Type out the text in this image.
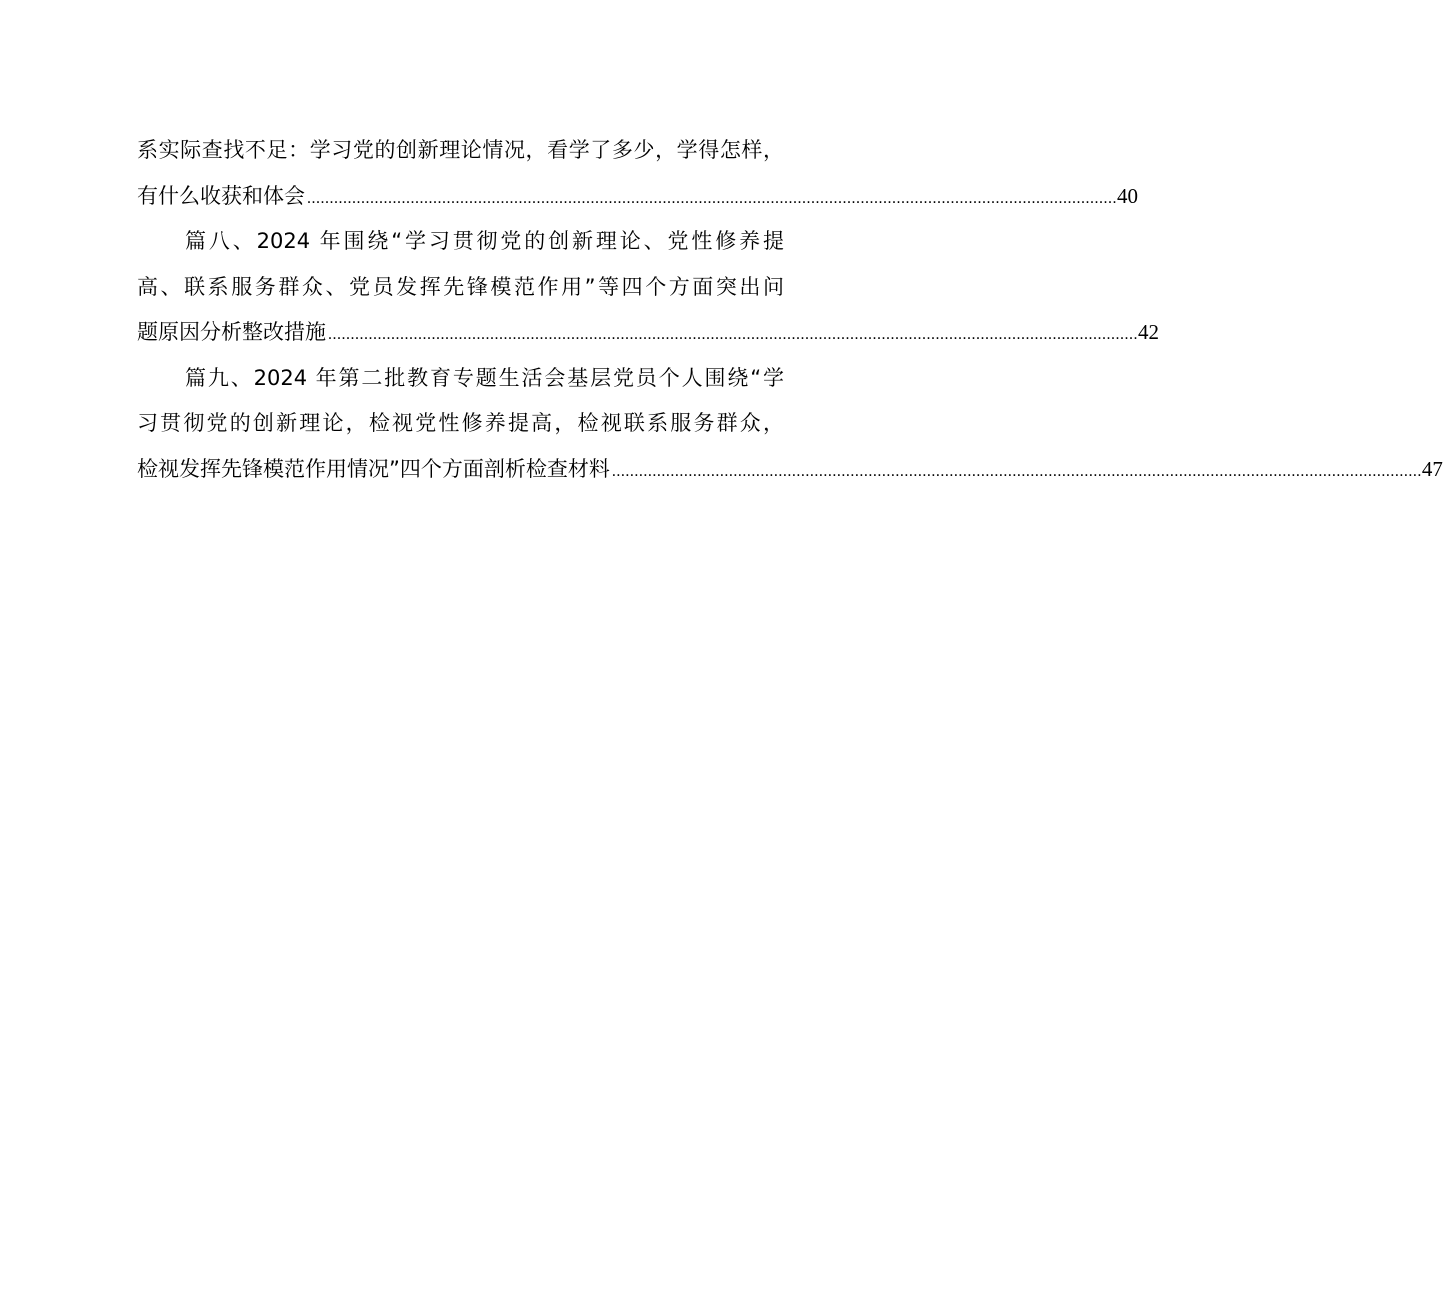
系实际查找不足：学习党的创新理论情况，看学了多少，学得怎样，
有什么收获和体会 .................................................................................................................................................................................... 40
篇八、2024 年围绕“学习贯彻党的创新理论、党性修养提
高、联系服务群众、党员发挥先锋模范作用”等四个方面突出问
题原因分析整改措施 .................................................................................................................................................................................... 42
篇九、2024 年第二批教育专题生活会基层党员个人围绕“学
习贯彻党的创新理论，检视党性修养提高，检视联系服务群众，
检视发挥先锋模范作用情况”四个方面剖析检查材料 .................................................................................................................................................................................... 47
